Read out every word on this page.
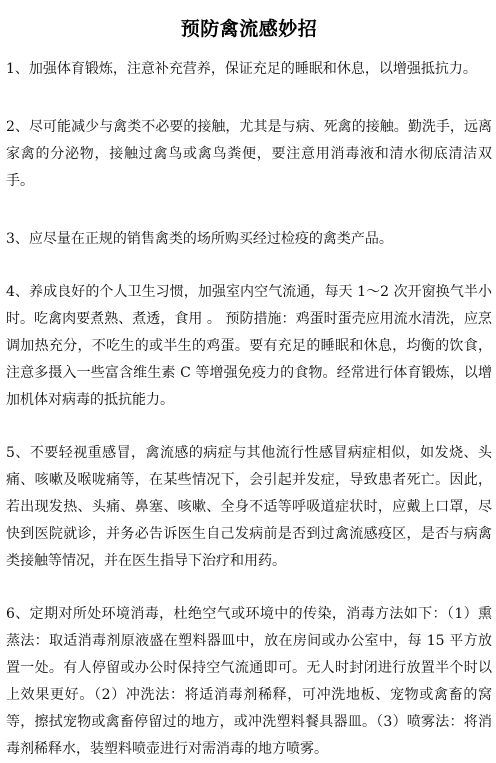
预防禽流感妙招

1、加强体育锻炼，注意补充营养，保证充足的睡眠和休息，以增强抵抗力。

2、尽可能减少与禽类不必要的接触，尤其是与病、死禽的接触。勤洗手，远离家禽的分泌物，接触过禽鸟或禽鸟粪便，要注意用消毒液和清水彻底清洁双手。

3、应尽量在正规的销售禽类的场所购买经过检疫的禽类产品。

4、养成良好的个人卫生习惯，加强室内空气流通，每天 1～2 次开窗换气半小时。吃禽肉要煮熟、煮透，食用 。 预防措施：鸡蛋时蛋壳应用流水清洗，应烹调加热充分，不吃生的或半生的鸡蛋。要有充足的睡眠和休息，均衡的饮食，注意多摄入一些富含维生素 C 等增强免疫力的食物。经常进行体育锻炼，以增加机体对病毒的抵抗能力。

5、不要轻视重感冒，禽流感的病症与其他流行性感冒病症相似，如发烧、头痛、咳嗽及喉咙痛等，在某些情况下，会引起并发症，导致患者死亡。因此，若出现发热、头痛、鼻塞、咳嗽、全身不适等呼吸道症状时，应戴上口罩，尽快到医院就诊，并务必告诉医生自己发病前是否到过禽流感疫区，是否与病禽类接触等情况，并在医生指导下治疗和用药。

6、定期对所处环境消毒，杜绝空气或环境中的传染，消毒方法如下：（1）熏蒸法：取适消毒剂原液盛在塑料器皿中，放在房间或办公室中，每 15 平方放置一处。有人停留或办公时保持空气流通即可。无人时封闭进行放置半个时以上效果更好。（2）冲洗法：将适消毒剂稀释，可冲洗地板、宠物或禽畜的窝等，擦拭宠物或禽畜停留过的地方，或冲洗塑料餐具器皿。（3）喷雾法：将消毒剂稀释水，装塑料喷壶进行对需消毒的地方喷雾。
